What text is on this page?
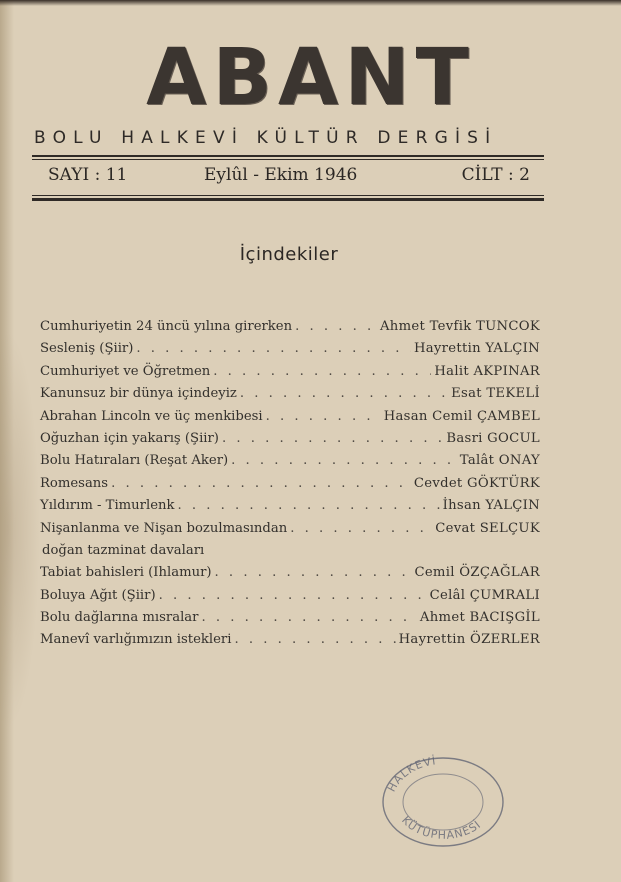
ABANT
BOLU HALKEVİ KÜLTÜR DERGİSİ
SAYI : 11	Eylûl - Ekim 1946	CİLT : 2
İçindekiler
Cumhuriyetin 24 üncü yılına girerken . . .	Ahmet Tevfik TUNCOK
Sesleniş (Şiir) . . .	Hayrettin YALÇIN
Cumhuriyet ve Öğretmen . . .	Halit AKPINAR
Kanunsuz bir dünya içindeyiz . . .	Esat TEKELİ
Abrahan Lincoln ve üç menkibesi . . .	Hasan Cemil ÇAMBEL
Oğuzhan için yakarış (Şiir) . . .	Basri GOCUL
Bolu Hatıraları (Reşat Aker) . . .	Talât ONAY
Romesans . . .	Cevdet GÖKTÜRK
Yıldırım - Timurlenk . . .	İhsan YALÇIN
Nişanlanma ve Nişan bozulmasından . . .	Cevat SELÇUK
doğan tazminat davaları
Tabiat bahisleri (Ihlamur) . . .	Cemil ÖZÇAĞLAR
Boluya Ağıt (Şiir) . . .	Celâl ÇUMRALI
Bolu dağlarına mısralar . . .	Ahmet BACIŞGİL
Manevî varlığımızın istekleri . . .	Hayrettin ÖZERLER
HALKEVİ
KÜTÜPHANESİ
